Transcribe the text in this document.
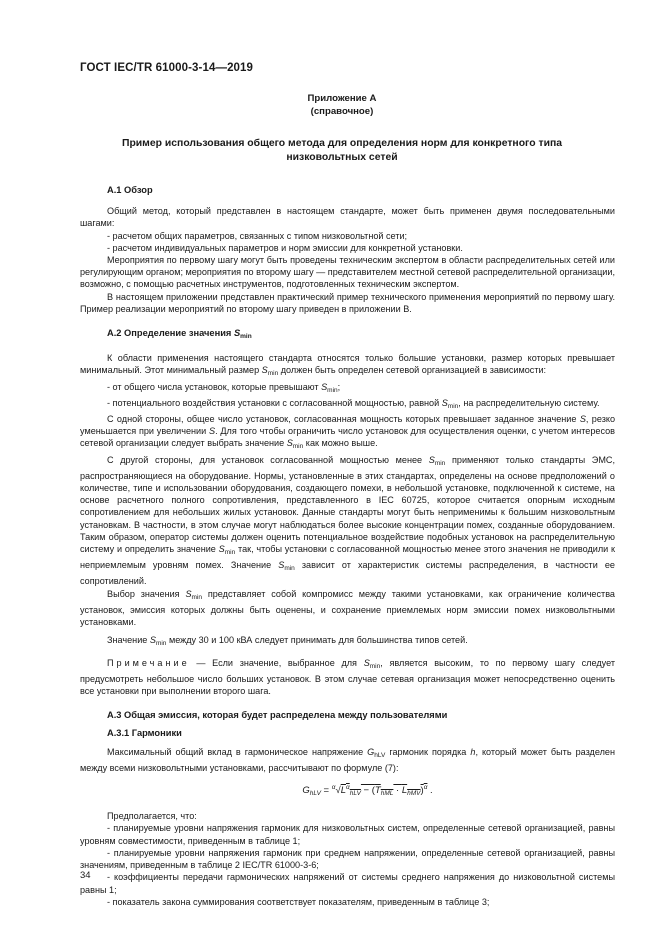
ГОСТ IEC/TR 61000-3-14—2019
Приложение А
(справочное)
Пример использования общего метода для определения норм для конкретного типа
низковольтных сетей
А.1 Обзор

Общий метод, который представлен в настоящем стандарте, может быть применен двумя последовательными шагами:

- расчетом общих параметров, связанных с типом низковольтной сети;

- расчетом индивидуальных параметров и норм эмиссии для конкретной установки.

Мероприятия по первому шагу могут быть проведены техническим экспертом в области распределительных сетей или регулирующим органом; мероприятия по второму шагу — представителем местной сетевой распределительной организации, возможно, с помощью расчетных инструментов, подготовленных техническим экспертом.

В настоящем приложении представлен практический пример технического применения мероприятий по первому шагу. Пример реализации мероприятий по второму шагу приведен в приложении В.

А.2 Определение значения $S_{min}$

К области применения настоящего стандарта относятся только большие установки, размер которых превышает минимальный. Этот минимальный размер $S_{min}$ должен быть определен сетевой организацией в зависимости:

- от общего числа установок, которые превышают $S_{min}$;

- потенциального воздействия установки с согласованной мощностью, равной $S_{min}$, на распределительную систему.

С одной стороны, общее число установок, согласованная мощность которых превышает заданное значение S, резко уменьшается при увеличении S. Для того чтобы ограничить число установок для осуществления оценки, с учетом интересов сетевой организации следует выбрать значение $S_{min}$ как можно выше.

С другой стороны, для установок согласованной мощностью менее $S_{min}$ применяют только стандарты ЭМС, распространяющиеся на оборудование. Нормы, установленные в этих стандартах, определены на основе предположений о количестве, типе и использовании оборудования, создающего помехи, в небольшой установке, подключенной к системе, на основе расчетного полного сопротивления, представленного в IEC 60725, которое считается опорным исходным сопротивлением для небольших жилых установок. Данные стандарты могут быть неприменимы к большим низковольтным установкам. В частности, в этом случае могут наблюдаться более высокие концентрации помех, созданные оборудованием. Таким образом, оператор системы должен оценить потенциальное воздействие подобных установок на распределительную систему и определить значение $S_{min}$ так, чтобы установки с согласованной мощностью менее этого значения не приводили к неприемлемым уровням помех. Значение $S_{min}$ зависит от характеристик системы распределения, в частности ее сопротивлений.

Выбор значения $S_{min}$ представляет собой компромисс между такими установками, как ограничение количества установок, эмиссия которых должны быть оценены, и сохранение приемлемых норм эмиссии помех низковольтными установками.

Значение $S_{min}$ между 30 и 100 кВА следует принимать для большинства типов сетей.

Примечание — Если значение, выбранное для $S_{min}$, является высоким, то по первому шагу следует предусмотреть небольшое число больших установок. В этом случае сетевая организация может непосредственно оценить все установки при выполнении второго шага.

А.3 Общая эмиссия, которая будет распределена между пользователями
А.3.1 Гармоники

Максимальный общий вклад в гармоническое напряжение $G_{hLV}$ гармоник порядка h, который может быть разделен между всеми низковольтными установками, рассчитывают по формуле (7):

$G_{hLV} = ^\alpha√L^\alpha_{hLV} - (T_{hML} \cdot L_{hMV})^\alpha$ .

Предполагается, что:

- планируемые уровни напряжения гармоник для низковольтных систем, определенные сетевой организацией, равны уровням совместимости, приведенным в таблице 1;

- планируемые уровни напряжения гармоник при среднем напряжении, определенные сетевой организацией, равны значениям, приведенным в таблице 2 IEC/TR 61000-3-6;

- коэффициенты передачи гармонических напряжений от системы среднего напряжения до низковольтной системы равны 1;

- показатель закона суммирования соответствует показателям, приведенным в таблице 3;

34
